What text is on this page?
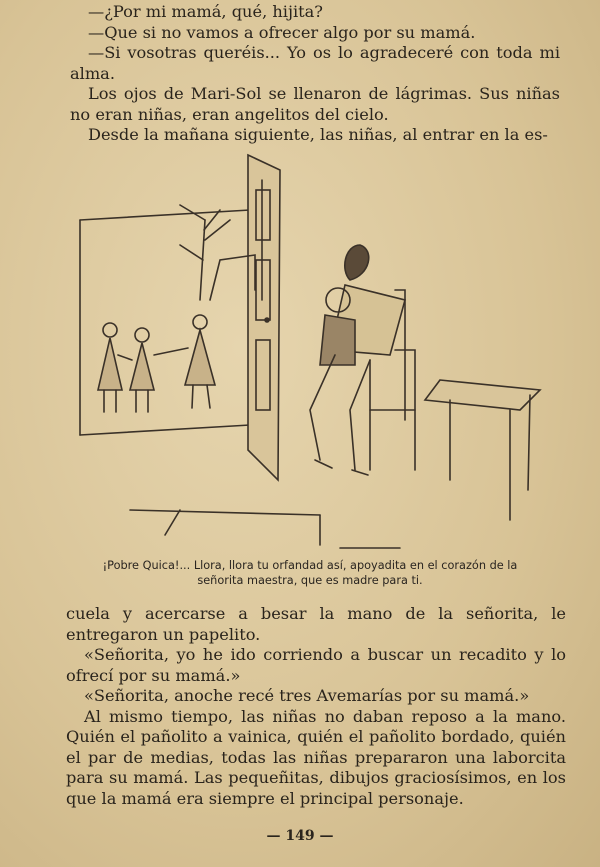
—¿Por mi mamá, qué, hijita?

—Que si no vamos a ofrecer algo por su mamá.

—Si vosotras queréis... Yo os lo agradeceré con toda mi alma.

Los ojos de Mari-Sol se llenaron de lágrimas. Sus niñas no eran niñas, eran angelitos del cielo.

Desde la mañana siguiente, las niñas, al entrar en la es-

¡Pobre Quica!... Llora, llora tu orfandad así, apoyadita en el corazón de la señorita maestra, que es madre para ti.

cuela y acercarse a besar la mano de la señorita, le entregaron un papelito.

«Señorita, yo he ido corriendo a buscar un recadito y lo ofrecí por su mamá.»

«Señorita, anoche recé tres Avemarías por su mamá.»

Al mismo tiempo, las niñas no daban reposo a la mano. Quién el pañolito a vainica, quién el pañolito bordado, quién el par de medias, todas las niñas prepararon una laborcita para su mamá. Las pequeñitas, dibujos graciosísimos, en los que la mamá era siempre el principal personaje.

— 149 —
